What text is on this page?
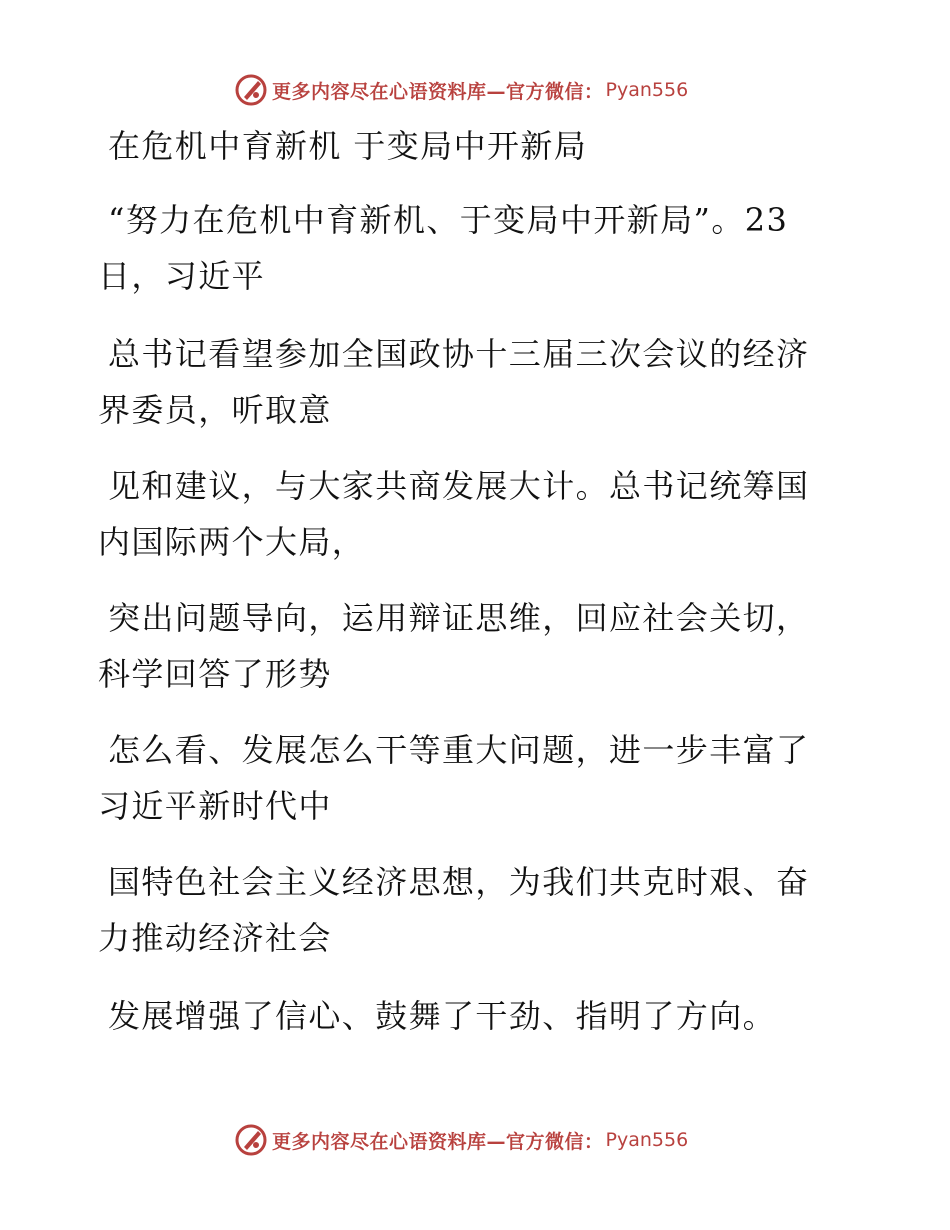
更多内容尽在心语资料库—官方微信： Pyan556
在危机中育新机 于变局中开新局
“努力在危机中育新机、于变局中开新局”。23
日，习近平
总书记看望参加全国政协十三届三次会议的经济
界委员，听取意
见和建议，与大家共商发展大计。总书记统筹国
内国际两个大局，
突出问题导向，运用辩证思维，回应社会关切，
科学回答了形势
怎么看、发展怎么干等重大问题，进一步丰富了
习近平新时代中
国特色社会主义经济思想，为我们共克时艰、奋
力推动经济社会
发展增强了信心、鼓舞了干劲、指明了方向。
更多内容尽在心语资料库—官方微信： Pyan556
